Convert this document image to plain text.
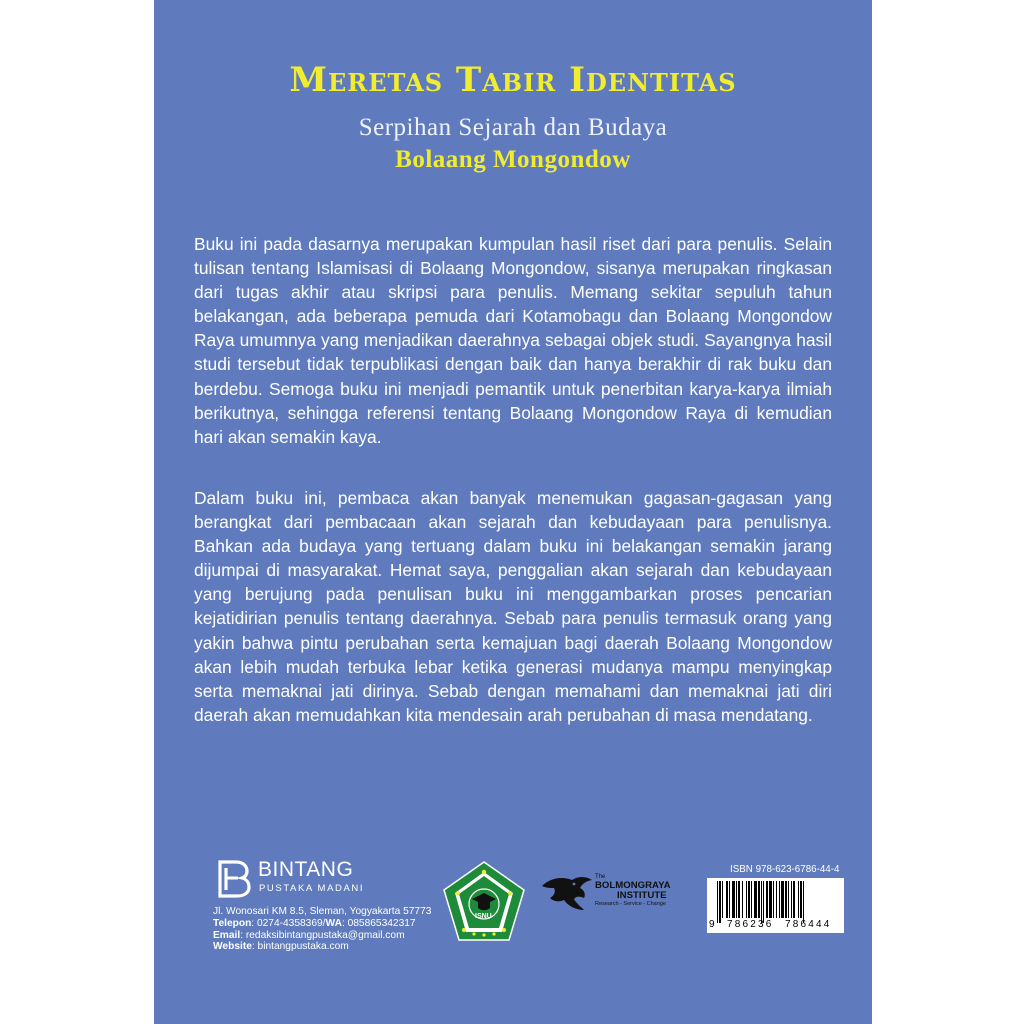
Meretas Tabir Identitas

Serpihan Sejarah dan Budaya

Bolaang Mongondow

Buku ini pada dasarnya merupakan kumpulan hasil riset dari para penulis. Selain tulisan tentang Islamisasi di Bolaang Mongondow, sisanya merupakan ringkasan dari tugas akhir atau skripsi para penulis. Memang sekitar sepuluh tahun belakangan, ada beberapa pemuda dari Kotamobagu dan Bolaang Mongondow Raya umumnya yang menjadikan daerahnya sebagai objek studi. Sayangnya hasil studi tersebut tidak terpublikasi dengan baik dan hanya berakhir di rak buku dan berdebu. Semoga buku ini menjadi pemantik untuk penerbitan karya-karya ilmiah berikutnya, sehingga referensi tentang Bolaang Mongondow Raya di kemudian hari akan semakin kaya.

Dalam buku ini, pembaca akan banyak menemukan gagasan-gagasan yang berangkat dari pembacaan akan sejarah dan kebudayaan para penulisnya. Bahkan ada budaya yang tertuang dalam buku ini belakangan semakin jarang dijumpai di masyarakat. Hemat saya, penggalian akan sejarah dan kebudayaan yang berujung pada penulisan buku ini menggambarkan proses pencarian kejatidirian penulis tentang daerahnya. Sebab para penulis termasuk orang yang yakin bahwa pintu perubahan serta kemajuan bagi daerah Bolaang Mongondow akan lebih mudah terbuka lebar ketika generasi mudanya mampu menyingkap serta memaknai jati dirinya. Sebab dengan memahami dan memaknai jati diri daerah akan memudahkan kita mendesain arah perubahan di masa mendatang.

BINTANG
PUSTAKA MADANI
Jl. Wonosari KM 8.5, Sleman, Yogyakarta 57773
Telepon: 0274-4358369/WA: 085865342317
Email: redaksibintangpustaka@gmail.com
Website: bintangpustaka.com
ISNU
The
BOLMONGRAYA
INSTITUTE
Research - Service - Change
ISBN 978-623-6786-44-4
9 786236 786444
